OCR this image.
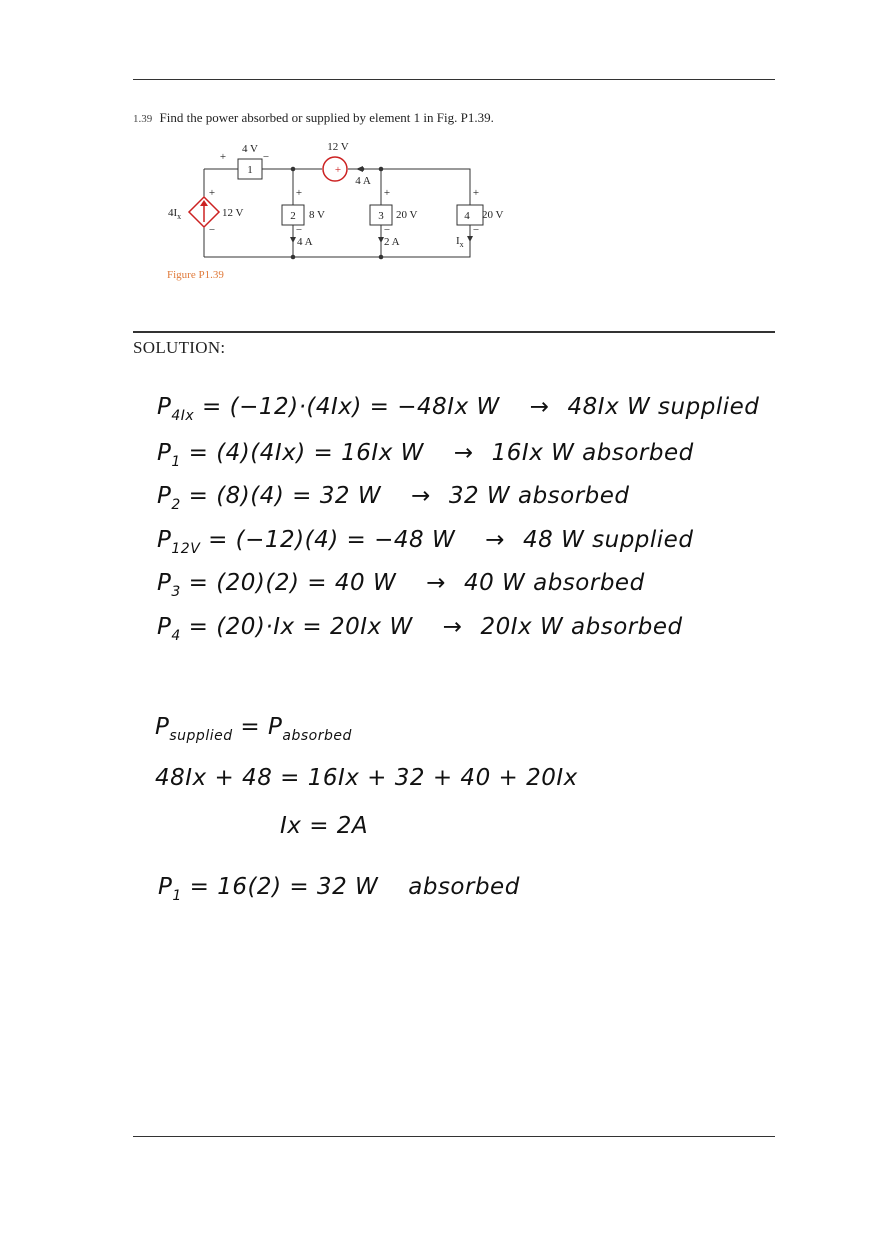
1.39 Find the power absorbed or supplied by element 1 in Fig. P1.39.
1
4 V
+	−
+
12 V
4 A
$4I_x$	12 V
+
−
2 8 V
+
−
4 A
3 20 V
+
−
2 A
4 20 V
+
−
$I_x$
Figure P1.39
SOLUTION:
$P_{4Ix} = (-12)\cdot(4Ix) = -48Ix$ W → 48Ix W supplied
$P_1 = (4)(4Ix) = 16Ix$ W → 16Ix W absorbed
$P_2 = (8)(4) = 32$ W → 32 W absorbed
$P_{12V} = (-12)(4) = -48$ W → 48 W supplied
$P_3 = (20)(2) = 40$ W → 40 W absorbed
$P_4 = (20)\cdot Ix = 20Ix$ W → 20Ix W absorbed
$P_{supplied} = P_{absorbed}$
48Ix + 48 = 16Ix + 32 + 40 + 20Ix
Ix = 2A
$P_1 = 16(2) = 32$ W absorbed
